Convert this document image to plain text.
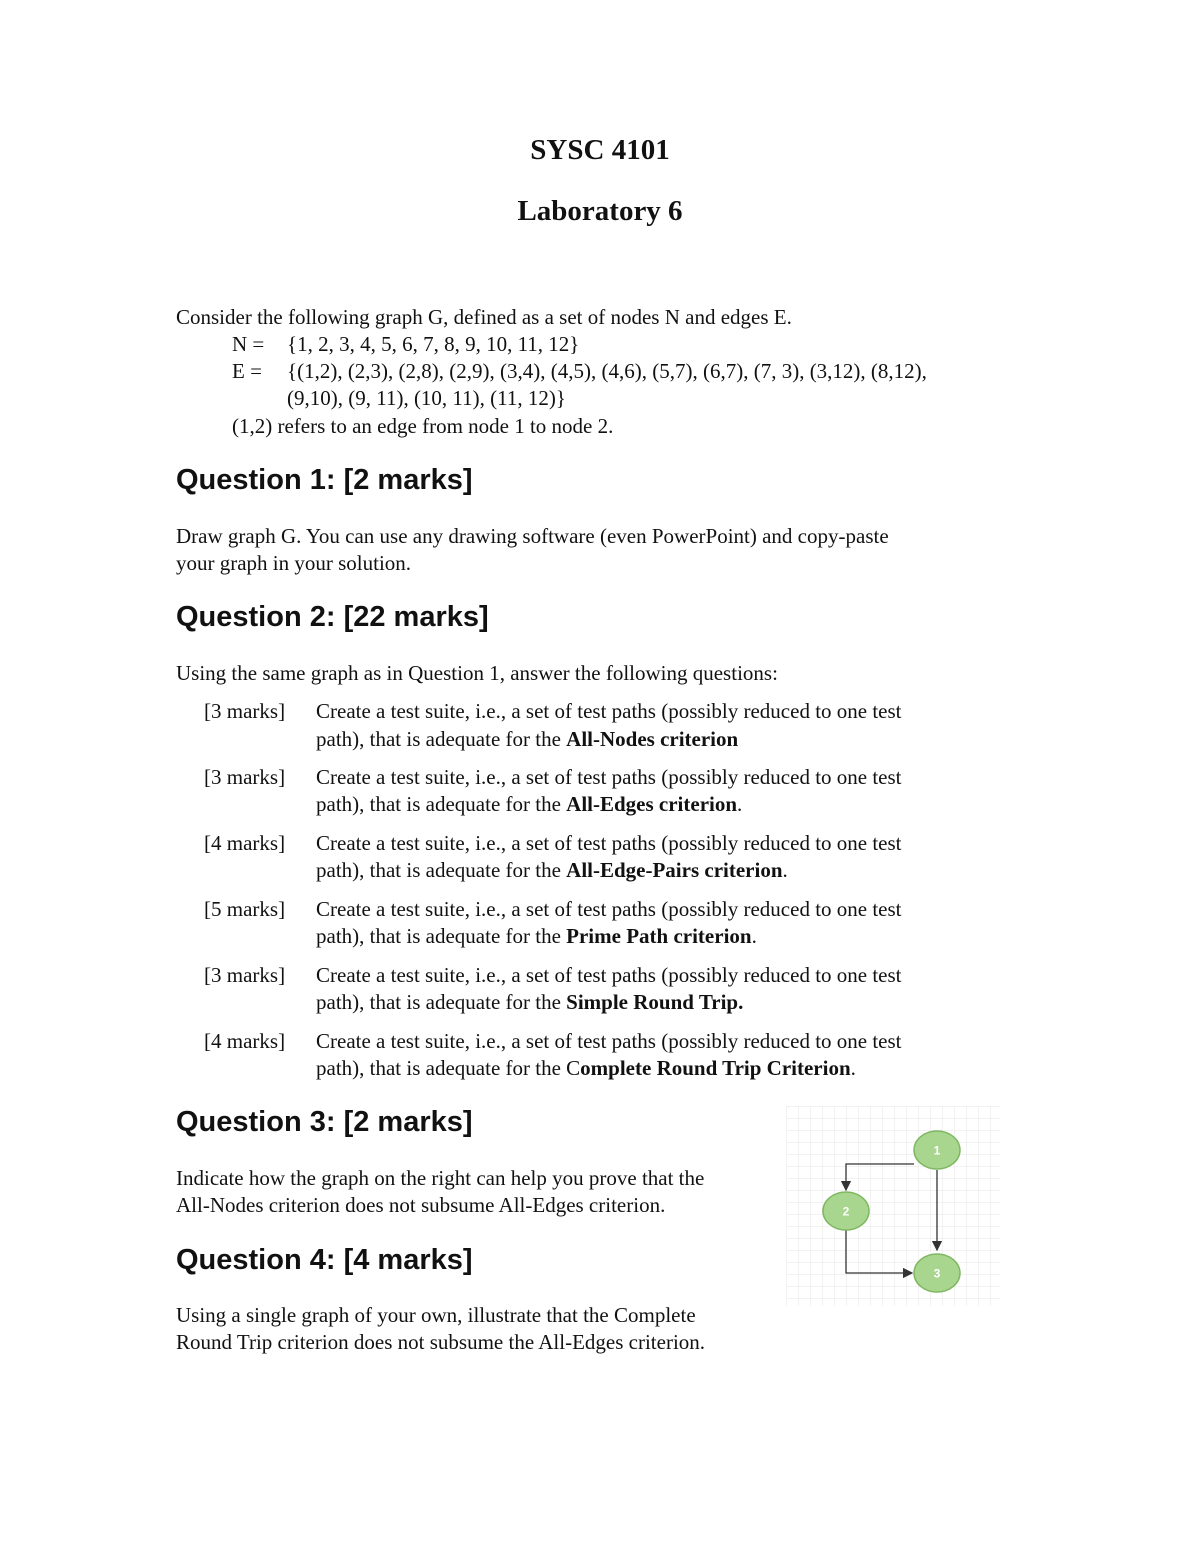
SYSC 4101
Laboratory 6
Consider the following graph G, defined as a set of nodes N and edges E.
N = {1, 2, 3, 4, 5, 6, 7, 8, 9, 10, 11, 12}
E = {(1,2), (2,3), (2,8), (2,9), (3,4), (4,5), (4,6), (5,7), (6,7), (7, 3), (3,12), (8,12),
(9,10), (9, 11), (10, 11), (11, 12)}
(1,2) refers to an edge from node 1 to node 2.
Question 1: [2 marks]
Draw graph G. You can use any drawing software (even PowerPoint) and copy-paste
your graph in your solution.
Question 2: [22 marks]
Using the same graph as in Question 1, answer the following questions:
[3 marks] Create a test suite, i.e., a set of test paths (possibly reduced to one test
path), that is adequate for the All-Nodes criterion
[3 marks] Create a test suite, i.e., a set of test paths (possibly reduced to one test
path), that is adequate for the All-Edges criterion.
[4 marks] Create a test suite, i.e., a set of test paths (possibly reduced to one test
path), that is adequate for the All-Edge-Pairs criterion.
[5 marks] Create a test suite, i.e., a set of test paths (possibly reduced to one test
path), that is adequate for the Prime Path criterion.
[3 marks] Create a test suite, i.e., a set of test paths (possibly reduced to one test
path), that is adequate for the Simple Round Trip.
[4 marks] Create a test suite, i.e., a set of test paths (possibly reduced to one test
path), that is adequate for the Complete Round Trip Criterion.
Question 3: [2 marks]
Indicate how the graph on the right can help you prove that the
All-Nodes criterion does not subsume All-Edges criterion.
Question 4: [4 marks]
Using a single graph of your own, illustrate that the Complete
Round Trip criterion does not subsume the All-Edges criterion.
1
2
3
